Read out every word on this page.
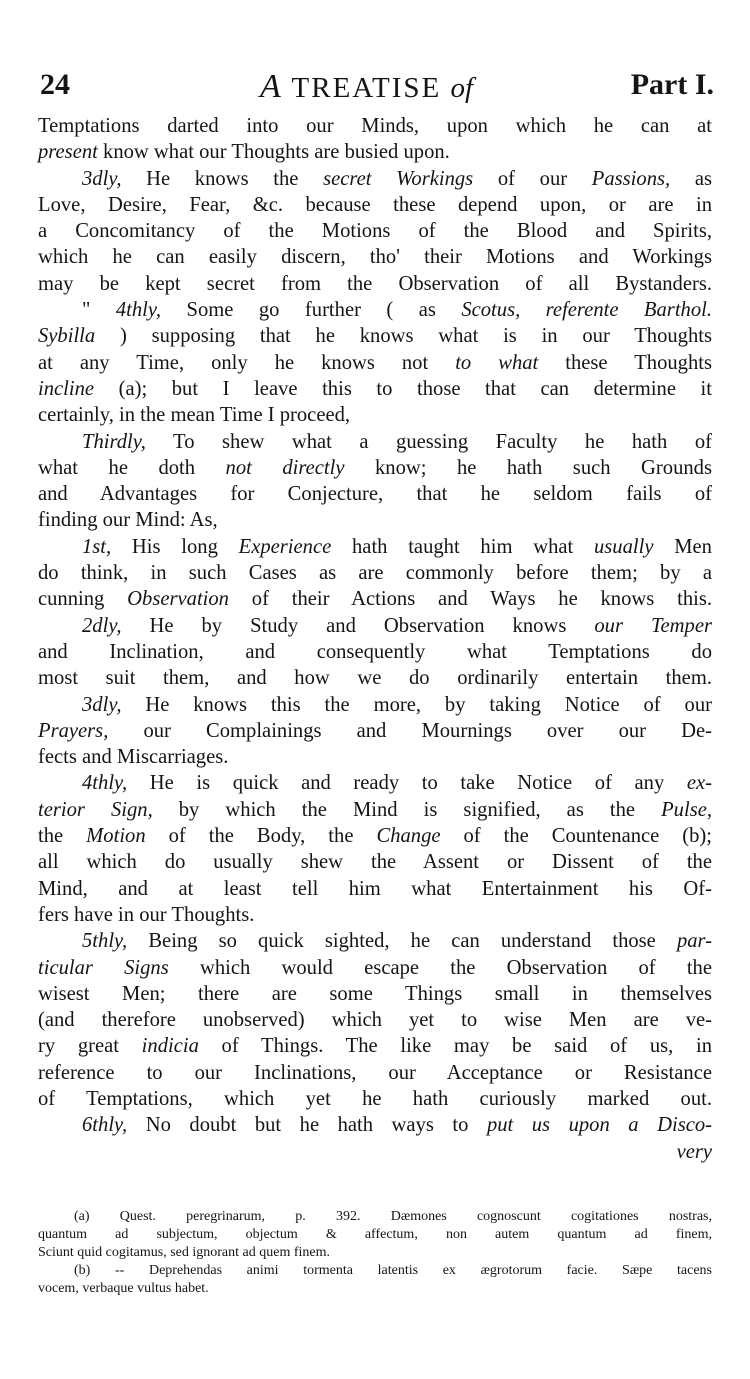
24	A TREATISE of	Part I.
Temptations darted into our Minds, upon which he can at
present know what our Thoughts are busied upon.
3dly, He knows the secret Workings of our Passions, as
Love, Desire, Fear, &c. because these depend upon, or are in
a Concomitancy of the Motions of the Blood and Spirits,
which he can easily discern, tho' their Motions and Workings
may be kept secret from the Observation of all Bystanders.
" 4thly, Some go further ( as Scotus, referente Barthol.
Sybilla ) supposing that he knows what is in our Thoughts
at any Time, only he knows not to what these Thoughts
incline (a); but I leave this to those that can determine it
certainly, in the mean Time I proceed,
Thirdly, To shew what a guessing Faculty he hath of
what he doth not directly know; he hath such Grounds
and Advantages for Conjecture, that he seldom fails of
finding our Mind: As,
1st, His long Experience hath taught him what usually Men
do think, in such Cases as are commonly before them; by a
cunning Observation of their Actions and Ways he knows this.
2dly, He by Study and Observation knows our Temper
and Inclination, and consequently what Temptations do
most suit them, and how we do ordinarily entertain them.
3dly, He knows this the more, by taking Notice of our
Prayers, our Complainings and Mournings over our De-
fects and Miscarriages.
4thly, He is quick and ready to take Notice of any ex-
terior Sign, by which the Mind is signified, as the Pulse,
the Motion of the Body, the Change of the Countenance (b);
all which do usually shew the Assent or Dissent of the
Mind, and at least tell him what Entertainment his Of-
fers have in our Thoughts.
5thly, Being so quick sighted, he can understand those par-
ticular Signs which would escape the Observation of the
wisest Men; there are some Things small in themselves
(and therefore unobserved) which yet to wise Men are ve-
ry great indicia of Things. The like may be said of us, in
reference to our Inclinations, our Acceptance or Resistance
of Temptations, which yet he hath curiously marked out.
6thly, No doubt but he hath ways to put us upon a Disco-
very
(a) Quest. peregrinarum, p. 392. Dæmones cognoscunt cogitationes nostras,
quantum ad subjectum, objectum & affectum, non autem quantum ad finem,
Sciunt quid cogitamus, sed ignorant ad quem finem.
(b) -- Deprehendas animi tormenta latentis ex ægrotorum facie. Sæpe tacens
vocem, verbaque vultus habet.
